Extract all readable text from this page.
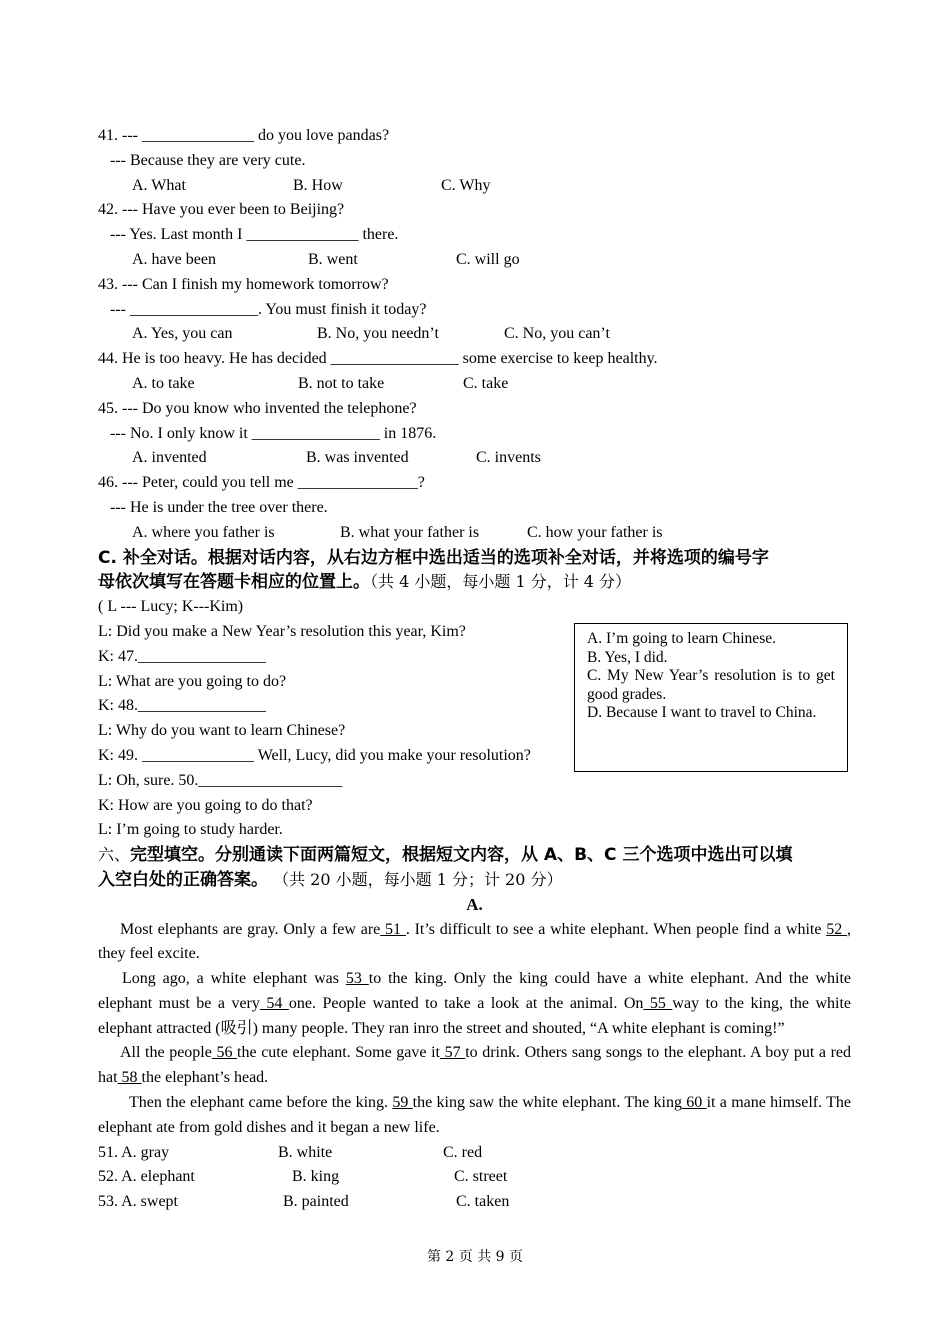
41. --- ______________ do you love pandas?
--- Because they are very cute.
A. What	B. How	C. Why
42. --- Have you ever been to Beijing?
--- Yes. Last month I ______________ there.
A. have been	B. went	C. will go
43. --- Can I finish my homework tomorrow?
--- ________________. You must finish it today?
A. Yes, you can	B. No, you needn’t	C. No, you can’t
44. He is too heavy. He has decided ________________ some exercise to keep healthy.
A. to take	B. not to take	C. take
45. --- Do you know who invented the telephone?
--- No. I only know it ________________ in 1876.
A. invented	B. was invented	C. invents
46. --- Peter, could you tell me _______________?
--- He is under the tree over there.
A. where you father is	B. what your father is	C. how your father is
C. 补全对话。根据对话内容，从右边方框中选出适当的选项补全对话，并将选项的编号字
母依次填写在答题卡相应的位置上。（共 4 小题，每小题 1 分，计 4 分）
( L --- Lucy; K---Kim)
L: Did you make a New Year’s resolution this year, Kim?
K: 47.________________
L: What are you going to do?
K: 48.________________
L: Why do you want to learn Chinese?
K: 49. ______________ Well, Lucy, did you make your resolution?
L: Oh, sure. 50.__________________
K: How are you going to do that?
L: I’m going to study harder.
六、完型填空。分别通读下面两篇短文，根据短文内容，从 A、B、C 三个选项中选出可以填
入空白处的正确答案。 （共 20 小题，每小题 1 分；计 20 分）
A.
Most elephants are gray. Only a few are 51 . It’s difficult to see a white elephant. When people find a white 52 , they feel excite.
Long ago, a white elephant was 53 to the king. Only the king could have a white elephant. And the white elephant must be a very 54 one. People wanted to take a look at the animal. On 55 way to the king, the white elephant attracted (吸引) many people. They ran inro the street and shouted, “A white elephant is coming!”
All the people 56 the cute elephant. Some gave it 57 to drink. Others sang songs to the elephant. A boy put a red hat 58 the elephant’s head.
Then the elephant came before the king. 59 the king saw the white elephant. The king 60 it a mane himself. The elephant ate from gold dishes and it began a new life.
51. A. gray	B. white	C. red
52. A. elephant	B. king	C. street
53. A. swept	B. painted	C. taken
A. I’m going to learn Chinese.
B. Yes, I did.
C. My New Year’s resolution is to get good grades.
D. Because I want to travel to China.
第 2 页 共 9 页
